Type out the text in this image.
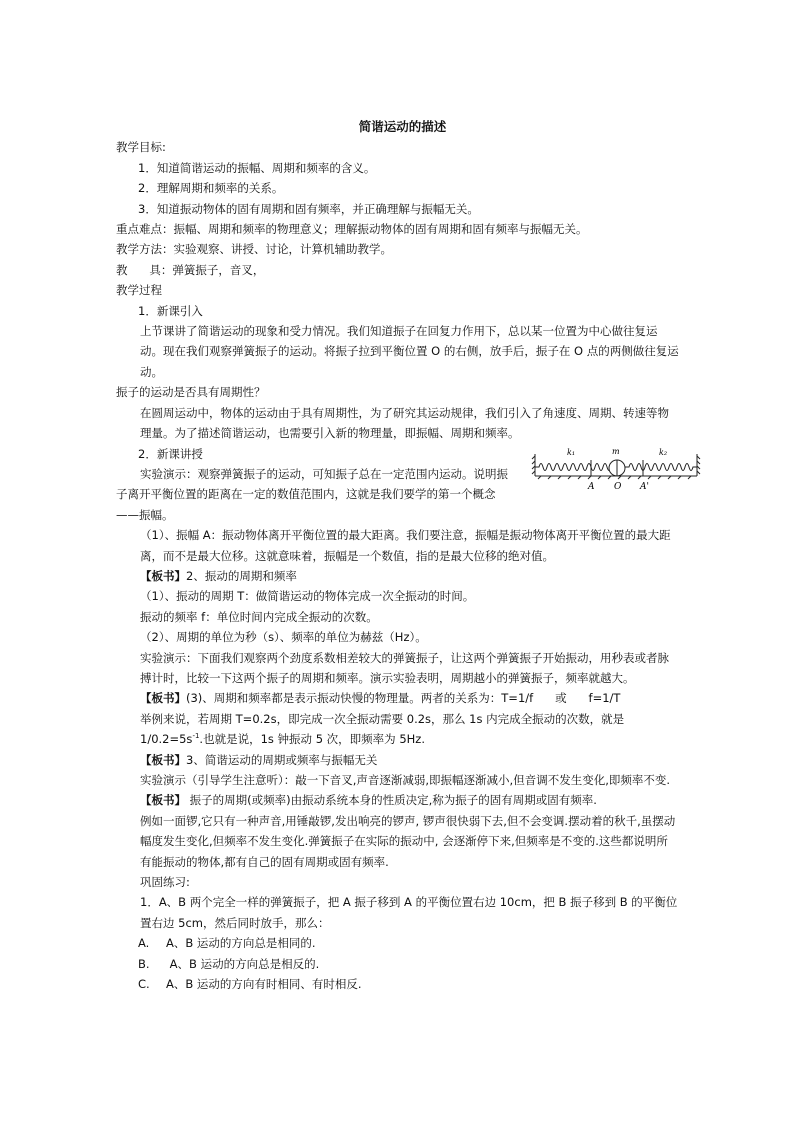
简谐运动的描述

教学目标:

1．知道简谐运动的振幅、周期和频率的含义。

2．理解周期和频率的关系。

3．知道振动物体的固有周期和固有频率，并正确理解与振幅无关。

重点难点：振幅、周期和频率的物理意义；理解振动物体的固有周期和固有频率与振幅无关。

教学方法：实验观察、讲授、讨论，计算机辅助教学。

教      具：弹簧振子，音叉，

教学过程

1．新课引入

上节课讲了简谐运动的现象和受力情况。我们知道振子在回复力作用下，总以某一位置为中心做往复运动。现在我们观察弹簧振子的运动。将振子拉到平衡位置 O 的右侧，放手后，振子在 O 点的两侧做往复运动。

振子的运动是否具有周期性？

在圆周运动中，物体的运动由于具有周期性，为了研究其运动规律，我们引入了角速度、周期、转速等物理量。为了描述简谐运动，也需要引入新的物理量，即振幅、周期和频率。

k₁	m	k₂
A O A'

2．新课讲授

实验演示：观察弹簧振子的运动，可知振子总在一定范围内运动。说明振

子离开平衡位置的距离在一定的数值范围内，这就是我们要学的第一个概念

——振幅。

（1）、振幅 A：振动物体离开平衡位置的最大距离。我们要注意，振幅是振动物体离开平衡位置的最大距离，而不是最大位移。这就意味着，振幅是一个数值，指的是最大位移的绝对值。

【板书】2、振动的周期和频率

（1）、振动的周期 T：做简谐运动的物体完成一次全振动的时间。

振动的频率 f：单位时间内完成全振动的次数。

（2）、周期的单位为秒（s）、频率的单位为赫兹（Hz）。

实验演示：下面我们观察两个劲度系数相差较大的弹簧振子，让这两个弹簧振子开始振动，用秒表或者脉搏计时，比较一下这两个振子的周期和频率。演示实验表明，周期越小的弹簧振子，频率就越大。

【板书】(3)、周期和频率都是表示振动快慢的物理量。两者的关系为：T=1/f      或      f=1/T

举例来说，若周期 T=0.2s，即完成一次全振动需要 0.2s，那么 1s 内完成全振动的次数，就是 $1/0.2=5s^{-1}$.也就是说，1s 钟振动 5 次，即频率为 5Hz.

【板书】3、简谐运动的周期或频率与振幅无关

实验演示（引导学生注意听）：敲一下音叉,声音逐渐减弱,即振幅逐渐减小,但音调不发生变化,即频率不变.

【板书】 振子的周期(或频率)由振动系统本身的性质决定,称为振子的固有周期或固有频率.

例如一面锣,它只有一种声音,用锤敲锣,发出响亮的锣声, 锣声很快弱下去,但不会变调.摆动着的秋千,虽摆动幅度发生变化,但频率不发生变化.弹簧振子在实际的振动中, 会逐渐停下来,但频率是不变的.这些都说明所有能振动的物体,都有自己的固有周期或固有频率.

巩固练习:

1．A、B 两个完全一样的弹簧振子，把 A 振子移到 A 的平衡位置右边 10cm，把 B 振子移到 B 的平衡位置右边 5cm，然后同时放手，那么：

A. A、B 运动的方向总是相同的.

B. A、B 运动的方向总是相反的.

C. A、B 运动的方向有时相同、有时相反.
